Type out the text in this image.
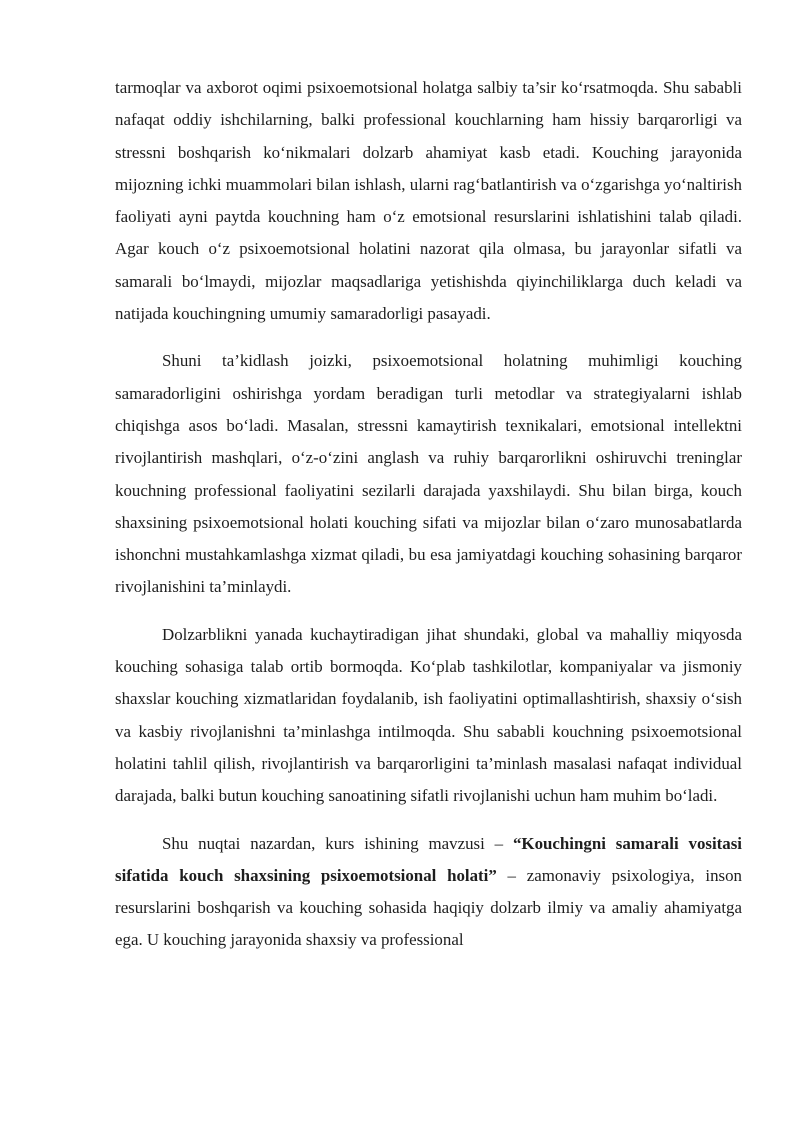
tarmoqlar va axborot oqimi psixoemotsional holatga salbiy ta’sir ko‘rsatmoqda. Shu sababli nafaqat oddiy ishchilarning, balki professional kouchlarning ham hissiy barqarorligi va stressni boshqarish ko‘nikmalari dolzarb ahamiyat kasb etadi. Kouching jarayonida mijozning ichki muammolari bilan ishlash, ularni rag‘batlantirish va o‘zgarishga yo‘naltirish faoliyati ayni paytda kouchning ham o‘z emotsional resurslarini ishlatishini talab qiladi. Agar kouch o‘z psixoemotsional holatini nazorat qila olmasa, bu jarayonlar sifatli va samarali bo‘lmaydi, mijozlar maqsadlariga yetishishda qiyinchiliklarga duch keladi va natijada kouchingning umumiy samaradorligi pasayadi.

Shuni ta’kidlash joizki, psixoemotsional holatning muhimligi kouching samaradorligini oshirishga yordam beradigan turli metodlar va strategiyalarni ishlab chiqishga asos bo‘ladi. Masalan, stressni kamaytirish texnikalari, emotsional intellektni rivojlantirish mashqlari, o‘z-o‘zini anglash va ruhiy barqarorlikni oshiruvchi treninglar kouchning professional faoliyatini sezilarli darajada yaxshilaydi. Shu bilan birga, kouch shaxsining psixoemotsional holati kouching sifati va mijozlar bilan o‘zaro munosabatlarda ishonchni mustahkamlashga xizmat qiladi, bu esa jamiyatdagi kouching sohasining barqaror rivojlanishini ta’minlaydi.

Dolzarblikni yanada kuchaytiradigan jihat shundaki, global va mahalliy miqyosda kouching sohasiga talab ortib bormoqda. Ko‘plab tashkilotlar, kompaniyalar va jismoniy shaxslar kouching xizmatlaridan foydalanib, ish faoliyatini optimallashtirish, shaxsiy o‘sish va kasbiy rivojlanishni ta’minlashga intilmoqda. Shu sababli kouchning psixoemotsional holatini tahlil qilish, rivojlantirish va barqarorligini ta’minlash masalasi nafaqat individual darajada, balki butun kouching sanoatining sifatli rivojlanishi uchun ham muhim bo‘ladi.

Shu nuqtai nazardan, kurs ishining mavzusi – “Kouchingni samarali vositasi sifatida kouch shaxsining psixoemotsional holati” – zamonaviy psixologiya, inson resurslarini boshqarish va kouching sohasida haqiqiy dolzarb ilmiy va amaliy ahamiyatga ega. U kouching jarayonida shaxsiy va professional
